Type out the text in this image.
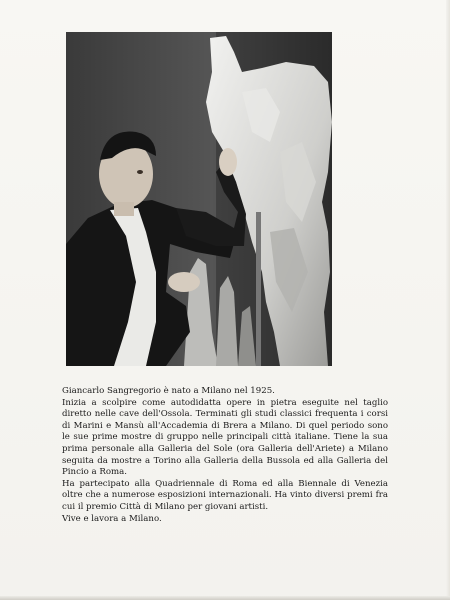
Giancarlo Sangregorio è nato a Milano nel 1925.

Inizia a scolpire come autodidatta opere in pietra eseguite nel taglio diretto nelle cave dell'Ossola. Terminati gli studi classici frequenta i corsi di Marini e Mansù all'Accademia di Brera a Milano. Di quel periodo sono le sue prime mostre di gruppo nelle principali città italiane. Tiene la sua prima personale alla Galleria del Sole (ora Galleria dell'Ariete) a Milano seguita da mostre a Torino alla Galleria della Bussola ed alla Galleria del Pincio a Roma.

Ha partecipato alla Quadriennale di Roma ed alla Biennale di Venezia oltre che a numerose esposizioni internazionali. Ha vinto diversi premi fra cui il premio Città di Milano per giovani artisti.

Vive e lavora a Milano.
